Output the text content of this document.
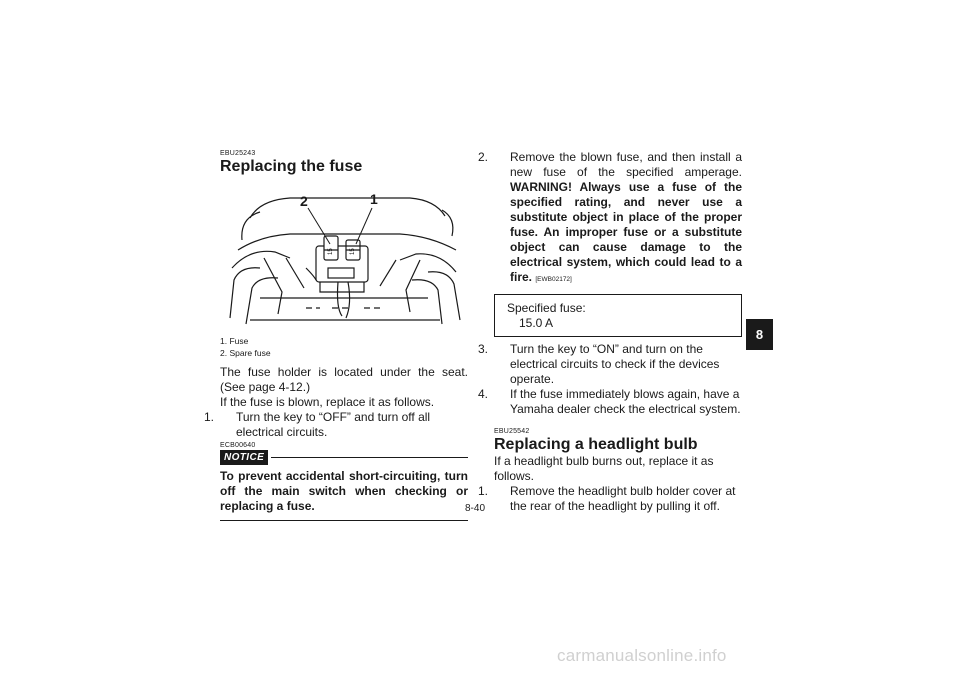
EBU25243
Replacing the fuse
15	15
2	1
1. Fuse
2. Spare fuse
The fuse holder is located under the seat. (See page 4-12.)
If the fuse is blown, replace it as follows.
1. Turn the key to “OFF” and turn off all electrical circuits.
ECB00640
NOTICE
To prevent accidental short-circuiting, turn off the main switch when checking or replacing a fuse.
2. Remove the blown fuse, and then install a new fuse of the specified amperage. WARNING! Always use a fuse of the specified rating, and never use a substitute object in place of the proper fuse. An improper fuse or a substitute object can cause damage to the electrical system, which could lead to a fire. [EWB02172]
Specified fuse:
15.0 A
3. Turn the key to “ON” and turn on the electrical circuits to check if the devices operate.
4. If the fuse immediately blows again, have a Yamaha dealer check the electrical system.
EBU25542
Replacing a headlight bulb
If a headlight bulb burns out, replace it as follows.
1. Remove the headlight bulb holder cover at the rear of the headlight by pulling it off.
8
8-40
carmanualsonline.info
